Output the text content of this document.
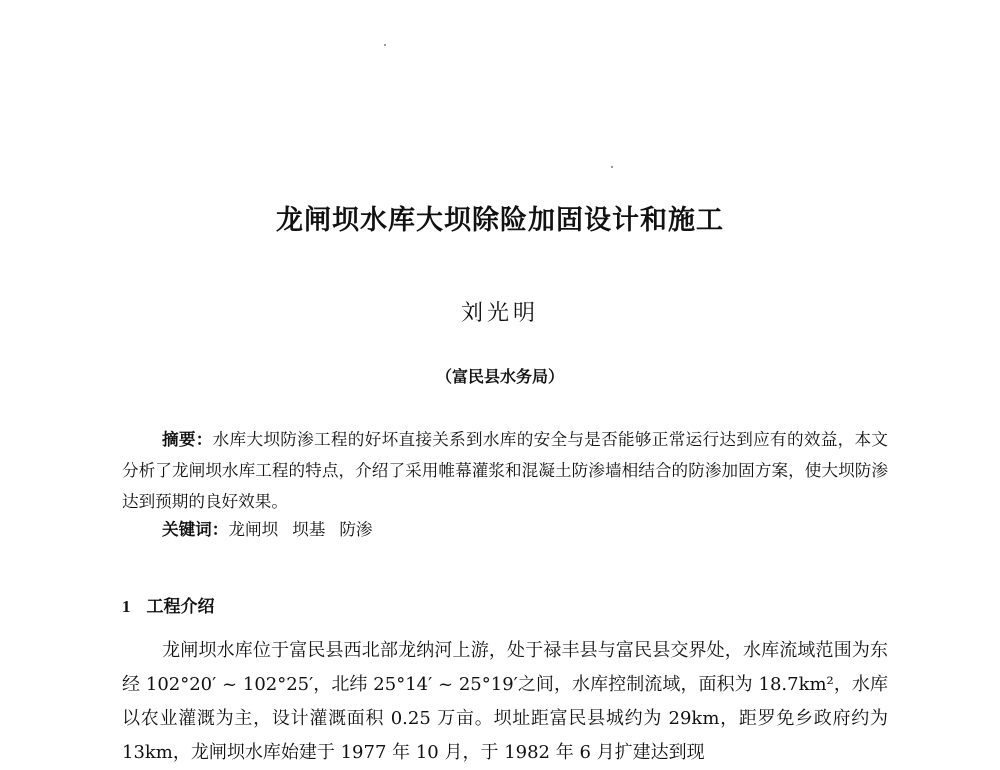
龙闸坝水库大坝除险加固设计和施工

刘光明

（富民县水务局）

摘要：水库大坝防渗工程的好坏直接关系到水库的安全与是否能够正常运行达到应有的效益，本文分析了龙闸坝水库工程的特点，介绍了采用帷幕灌浆和混凝土防渗墙相结合的防渗加固方案，使大坝防渗达到预期的良好效果。

关键词：龙闸坝 坝基 防渗

1 工程介绍

龙闸坝水库位于富民县西北部龙纳河上游，处于禄丰县与富民县交界处，水库流域范围为东经 102°20′ ~ 102°25′，北纬 25°14′ ~ 25°19′之间，水库控制流域，面积为 18.7km²，水库以农业灌溉为主，设计灌溉面积 0.25 万亩。坝址距富民县城约为 29km，距罗免乡政府约为 13km，龙闸坝水库始建于 1977 年 10 月，于 1982 年 6 月扩建达到现
